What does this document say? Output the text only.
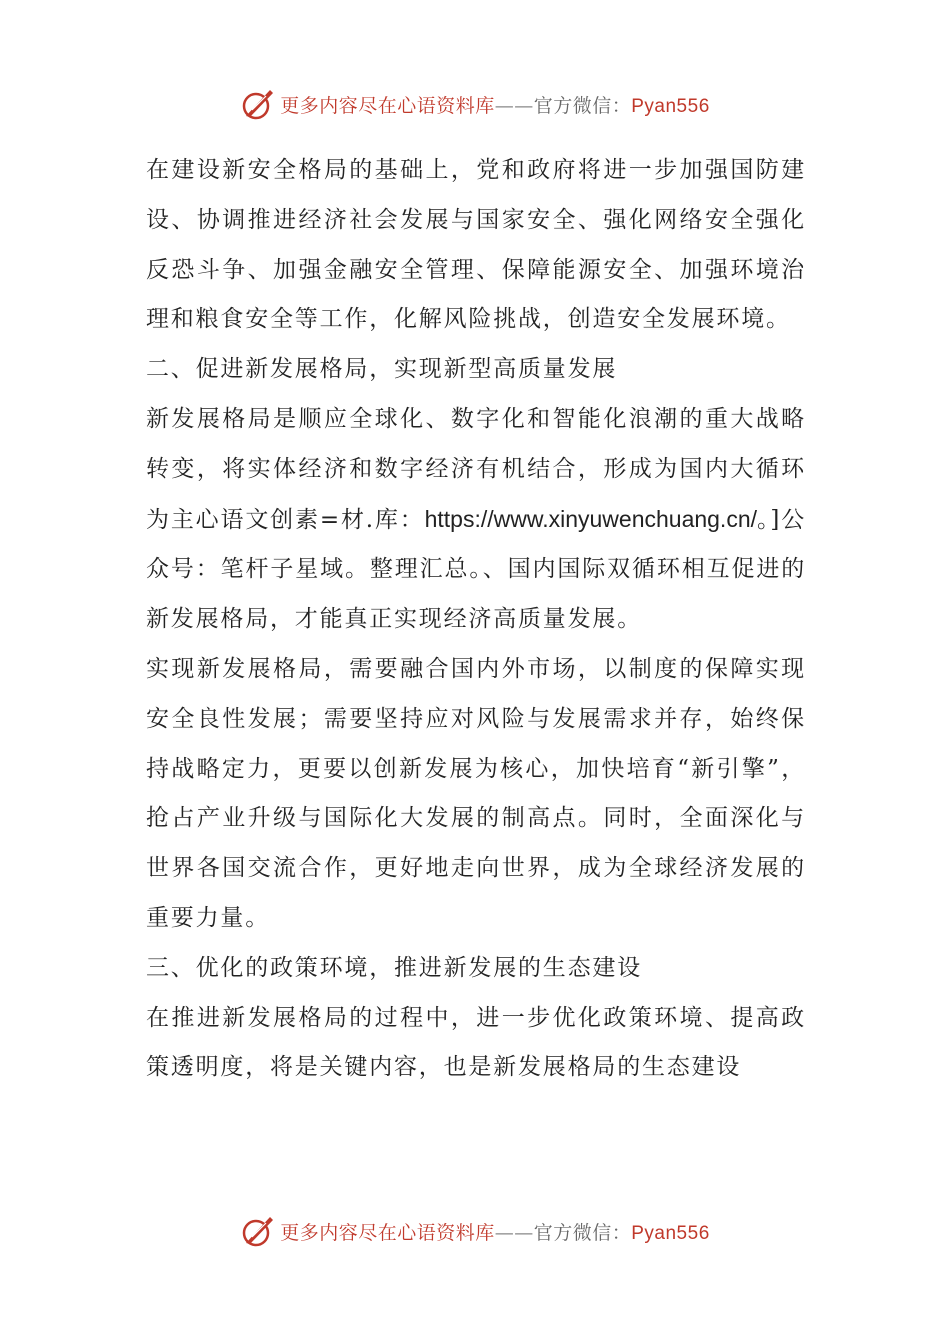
更多内容尽在心语资料库——官方微信：Pyan556

在建设新安全格局的基础上，党和政府将进一步加强国防建设、协调推进经济社会发展与国家安全、强化网络安全强化反恐斗争、加强金融安全管理、保障能源安全、加强环境治理和粮食安全等工作，化解风险挑战，创造安全发展环境。

二、促进新发展格局，实现新型高质量发展

新发展格局是顺应全球化、数字化和智能化浪潮的重大战略转变，将实体经济和数字经济有机结合，形成为国内大循环为主心语文创素=材.库：https://www.xinyuwenchuang.cn/。]公众号：笔杆子星域。整理汇总。、国内国际双循环相互促进的新发展格局，才能真正实现经济高质量发展。

实现新发展格局，需要融合国内外市场，以制度的保障实现安全良性发展；需要坚持应对风险与发展需求并存，始终保持战略定力，更要以创新发展为核心，加快培育“新引擎”，抢占产业升级与国际化大发展的制高点。同时，全面深化与世界各国交流合作，更好地走向世界，成为全球经济发展的重要力量。

三、优化的政策环境，推进新发展的生态建设

在推进新发展格局的过程中，进一步优化政策环境、提高政策透明度，将是关键内容，也是新发展格局的生态建设

更多内容尽在心语资料库——官方微信：Pyan556
